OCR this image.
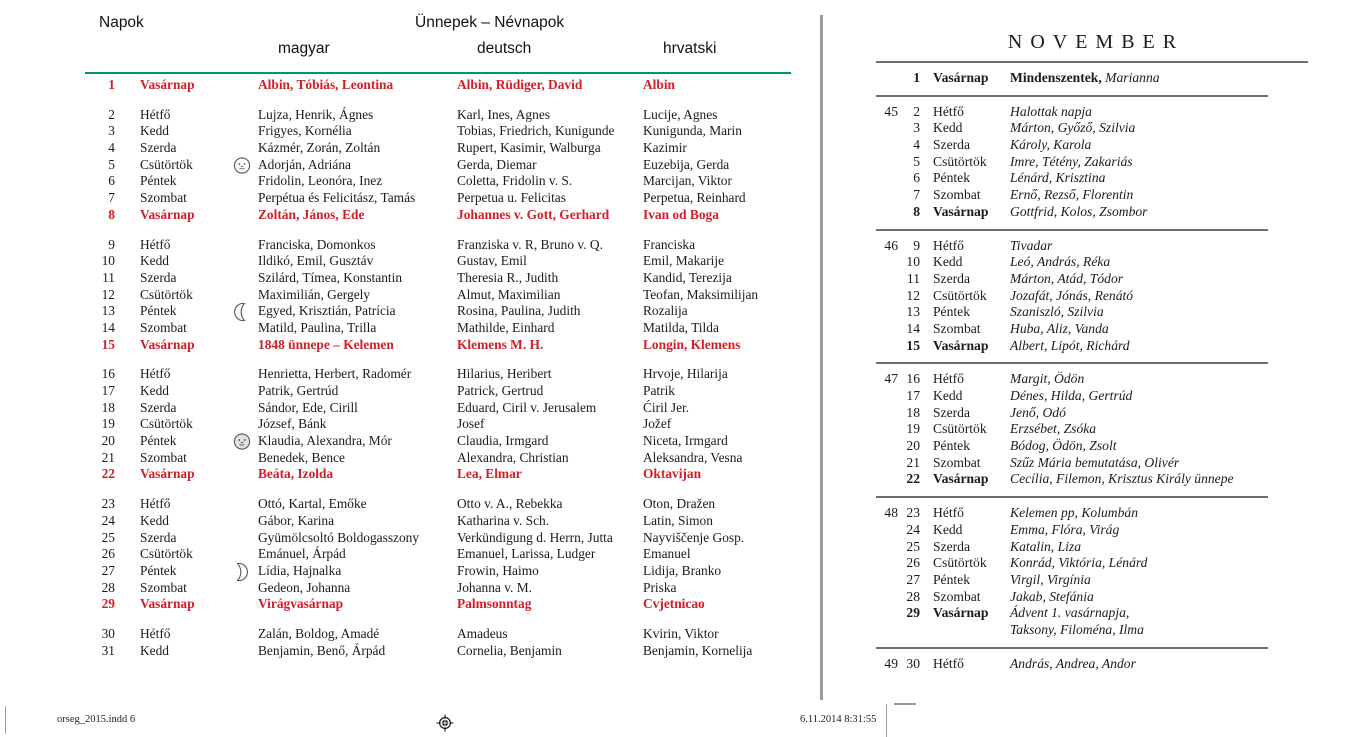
Napok	Ünnepek – Névnapok
magyar	deutsch	hrvatski
1 Vasárnap	Albin, Tóbiás, Leontina	Albin, Rüdiger, David	Albin
2 Hétfő	Lujza, Henrik, Ágnes	Karl, Ines, Agnes	Lucije, Agnes
3 Kedd	Frigyes, Kornélia	Tobias, Friedrich, Kunigunde	Kunigunda, Marin
4 Szerda	Kázmér, Zorán, Zoltán	Rupert, Kasimir, Walburga	Kazimir
5 Csütörtök	Adorján, Adriána	Gerda, Diemar	Euzebija, Gerda
6 Péntek	Fridolin, Leonóra, Inez	Coletta, Fridolin v. S.	Marcijan, Viktor
7 Szombat	Perpétua és Felicitász, Tamás	Perpetua u. Felicitas	Perpetua, Reinhard
8 Vasárnap	Zoltán, János, Ede	Johannes v. Gott, Gerhard	Ivan od Boga
9 Hétfő	Franciska, Domonkos	Franziska v. R, Bruno v. Q.	Franciska
10 Kedd	Ildikó, Emil, Gusztáv	Gustav, Emil	Emil, Makarije
11 Szerda	Szilárd, Tímea, Konstantin	Theresia R., Judith	Kandid, Terezija
12 Csütörtök	Maximilián, Gergely	Almut, Maximilian	Teofan, Maksimilijan
13 Péntek	Egyed, Krisztián, Patrícia	Rosina, Paulina, Judith	Rozalija
14 Szombat	Matild, Paulina, Trilla	Mathilde, Einhard	Matilda, Tilda
15 Vasárnap	1848 ünnepe – Kelemen	Klemens M. H.	Longin, Klemens
16 Hétfő	Henrietta, Herbert, Radomér	Hilarius, Heribert	Hrvoje, Hilarija
17 Kedd	Patrik, Gertrúd	Patrick, Gertrud	Patrik
18 Szerda	Sándor, Ede, Cirill	Eduard, Ciril v. Jerusalem	Ćiril Jer.
19 Csütörtök	József, Bánk	Josef	Jožef
20 Péntek	Klaudia, Alexandra, Mór	Claudia, Irmgard	Niceta, Irmgard
21 Szombat	Benedek, Bence	Alexandra, Christian	Aleksandra, Vesna
22 Vasárnap	Beáta, Izolda	Lea, Elmar	Oktavijan
23 Hétfő	Ottó, Kartal, Emőke	Otto v. A., Rebekka	Oton, Dražen
24 Kedd	Gábor, Karina	Katharina v. Sch.	Latin, Simon
25 Szerda	Gyümölcsoltó Boldogasszony	Verkündigung d. Herrn, Jutta	Nayviščenje Gosp.
26 Csütörtök	Emánuel, Árpád	Emanuel, Larissa, Ludger	Emanuel
27 Péntek	Lídia, Hajnalka	Frowin, Haimo	Lidija, Branko
28 Szombat	Gedeon, Johanna	Johanna v. M.	Priska
29 Vasárnap	Virágvasárnap	Palmsonntag	Cvjetnicao
30 Hétfő	Zalán, Boldog, Amadé	Amadeus	Kvirin, Viktor
31 Kedd	Benjamin, Benő, Árpád	Cornelia, Benjamin	Benjamin, Kornelija
NOVEMBER
1 Vasárnap	Mindenszentek, Marianna
45	2 Hétfő	Halottak napja
3 Kedd	Márton, Győző, Szilvia
4 Szerda	Károly, Karola
5 Csütörtök	Imre, Tétény, Zakariás
6 Péntek	Lénárd, Krisztina
7 Szombat	Ernő, Rezső, Florentin
8 Vasárnap	Gottfrid, Kolos, Zsombor
46	9 Hétfő	Tivadar
10 Kedd	Leó, András, Réka
11 Szerda	Márton, Atád, Tódor
12 Csütörtök	Jozafát, Jónás, Renátó
13 Péntek	Szaniszló, Szilvia
14 Szombat	Huba, Aliz, Vanda
15 Vasárnap	Albert, Lipót, Richárd
47 16 Hétfő	Margit, Ödön
17 Kedd	Dénes, Hilda, Gertrúd
18 Szerda	Jenő, Odó
19 Csütörtök	Erzsébet, Zsóka
20 Péntek	Bódog, Ödön, Zsolt
21 Szombat	Szűz Mária bemutatása, Olivér
22 Vasárnap	Cecília, Filemon, Krisztus Király ünnepe
48 23 Hétfő	Kelemen pp, Kolumbán
24 Kedd	Emma, Flóra, Virág
25 Szerda	Katalin, Liza
26 Csütörtök	Konrád, Viktória, Lénárd
27 Péntek	Virgil, Virgínia
28 Szombat	Jakab, Stefánia
29 Vasárnap	Ádvent 1. vasárnapja,
Taksony, Filoména, Ilma
49 30 Hétfő	András, Andrea, Andor
orseg_2015.indd 6	6.11.2014 8:31:55
